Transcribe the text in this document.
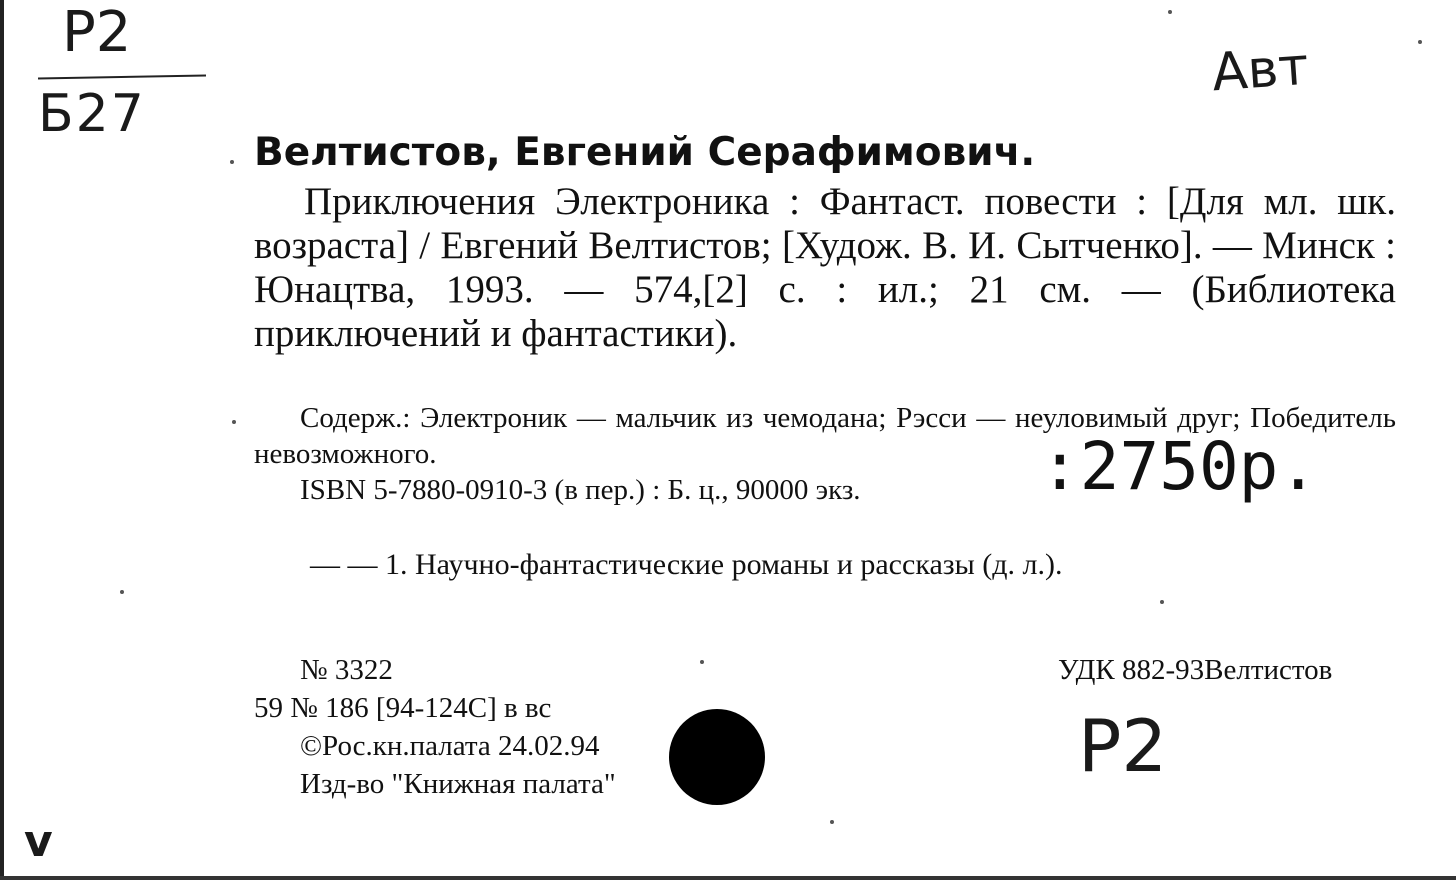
Р2
Б27
Авт
Велтистов, Евгений Серафимович.

Приключения Электроника : Фантаст. повести : [Для мл. шк. возраста] / Евгений Велтистов; [Худож. В. И. Сытченко]. — Минск : Юнацтва, 1993. — 574,[2] с. : ил.; 21 см. — (Библиотека приключений и фантастики).

Содерж.: Электроник — мальчик из чемодана; Рэсси — неуловимый друг; Победитель невозможного.

ISBN 5-7880-0910-3 (в пер.) : Б. ц., 90000 экз.	:2750р.
— — 1. Научно-фантастические романы и рассказы (д. л.).
№ 3322
59 № 186 [94-124С] в вс
©Рос.кн.палата 24.02.94
Изд-во "Книжная палата"
УДК 882-93Велтистов
Р2
v
